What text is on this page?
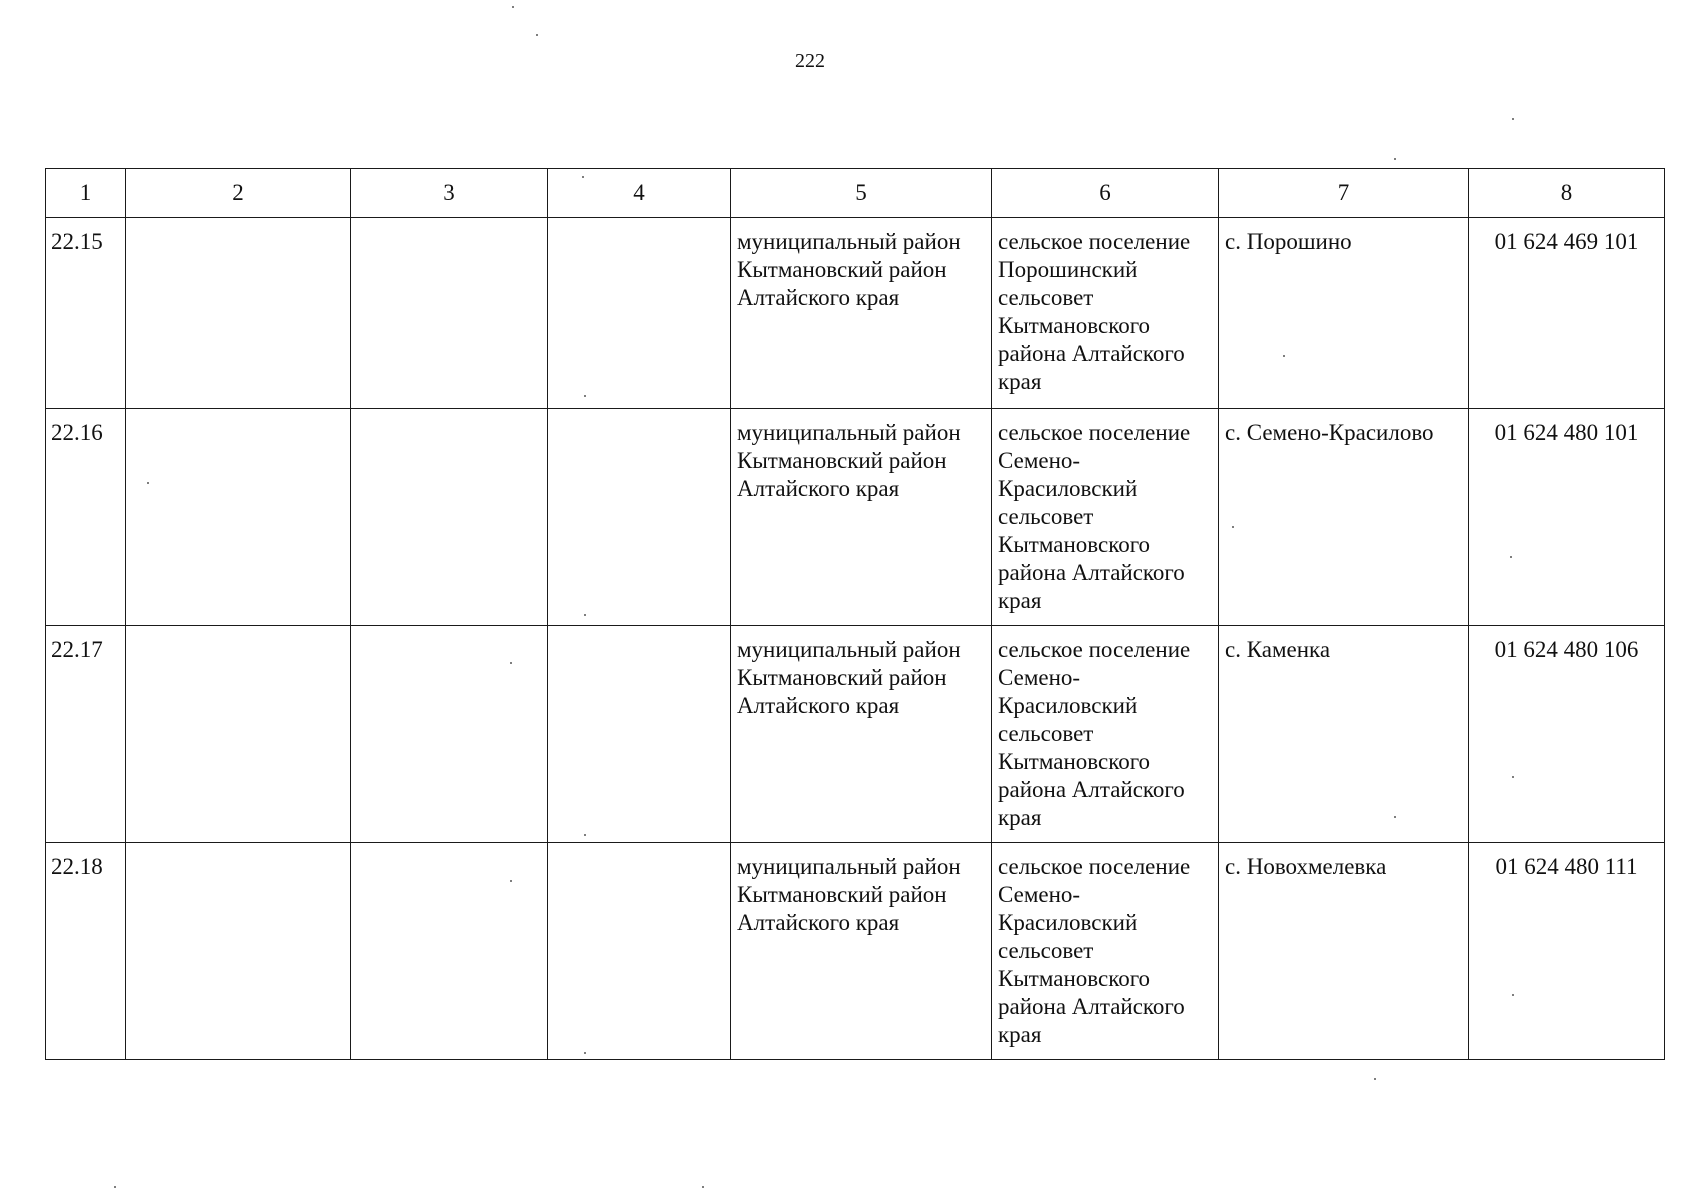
222
1	2	3	4	5	6	7	8
22.15				муниципальный район Кытмановский район Алтайского края	сельское поселение Порошинский сельсовет Кытмановского района Алтайского края	с. Порошино	01 624 469 101
22.16				муниципальный район Кытмановский район Алтайского края	сельское поселение Семено-Красиловский сельсовет Кытмановского района Алтайского края	с. Семено-Красилово	01 624 480 101
22.17				муниципальный район Кытмановский район Алтайского края	сельское поселение Семено-Красиловский сельсовет Кытмановского района Алтайского края	с. Каменка	01 624 480 106
22.18				муниципальный район Кытмановский район Алтайского края	сельское поселение Семено-Красиловский сельсовет Кытмановского района Алтайского края	с. Новохмелевка	01 624 480 111
